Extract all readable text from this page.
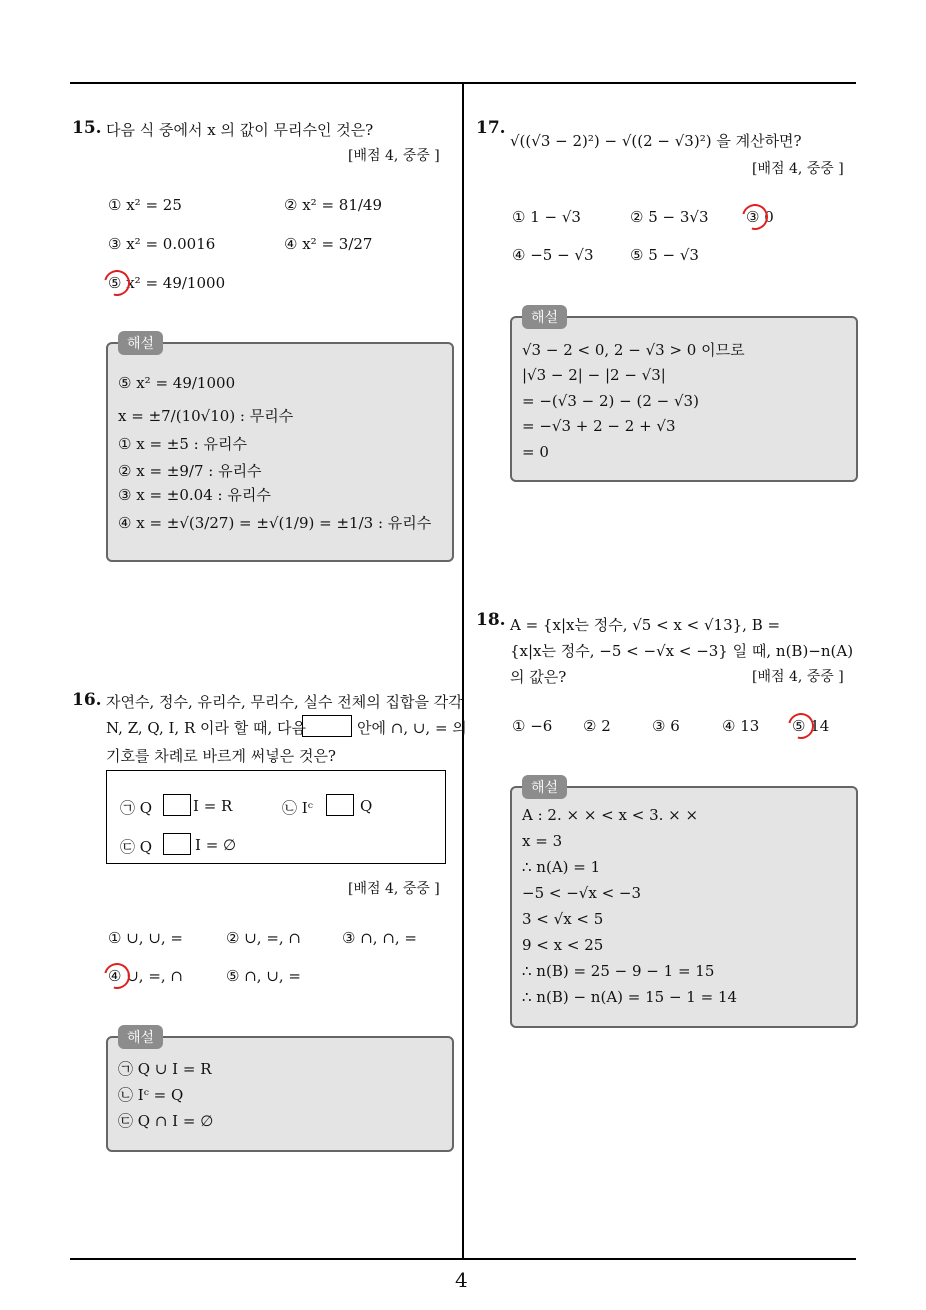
4
15. 다음 식 중에서 x 의 값이 무리수인 것은?
[배점 4, 중중 ]
① x² = 25	② x² = 81/49
③ x² = 0.0016	④ x² = 3/27
⑤ x² = 49/1000
해설
⑤ x² = 49/1000
x = ±7/(10√10) : 무리수
① x = ±5 : 유리수
② x = ±9/7 : 유리수
③ x = ±0.04 : 유리수
④ x = ±√(3/27) = ±√(1/9) = ±1/3 : 유리수
16. 자연수, 정수, 유리수, 무리수, 실수 전체의 집합을 각각
N, Z, Q, I, R 이라 할 때, 다음	안에 ∩, ∪, = 의
기호를 차례로 바르게 써넣은 것은?
㉠ Q	I = R	㉡ Iᶜ	Q
㉢ Q	I = ∅
[배점 4, 중중 ]
① ∪, ∪, =	② ∪, =, ∩	③ ∩, ∩, =
④ ∪, =, ∩	⑤ ∩, ∪, =
해설
㉠ Q ∪ I = R
㉡ Iᶜ = Q
㉢ Q ∩ I = ∅
17.
√((√3 − 2)²) − √((2 − √3)²) 을 계산하면?
[배점 4, 중중 ]
① 1 − √3	② 5 − 3√3 ③ 0
④ −5 − √3 ⑤ 5 − √3
해설
√3 − 2 < 0, 2 − √3 > 0 이므로
|√3 − 2| − |2 − √3|
= −(√3 − 2) − (2 − √3)
= −√3 + 2 − 2 + √3
= 0
18. A = {x|x는 정수, √5 < x < √13}, B =
{x|x는 정수, −5 < −√x < −3} 일 때, n(B)−n(A)
의 값은?	[배점 4, 중중 ]
① −6 ② 2	③ 6	④ 13 ⑤ 14
해설
A : 2. × × < x < 3. × ×
x = 3
∴ n(A) = 1
−5 < −√x < −3
3 < √x < 5
9 < x < 25
∴ n(B) = 25 − 9 − 1 = 15
∴ n(B) − n(A) = 15 − 1 = 14
